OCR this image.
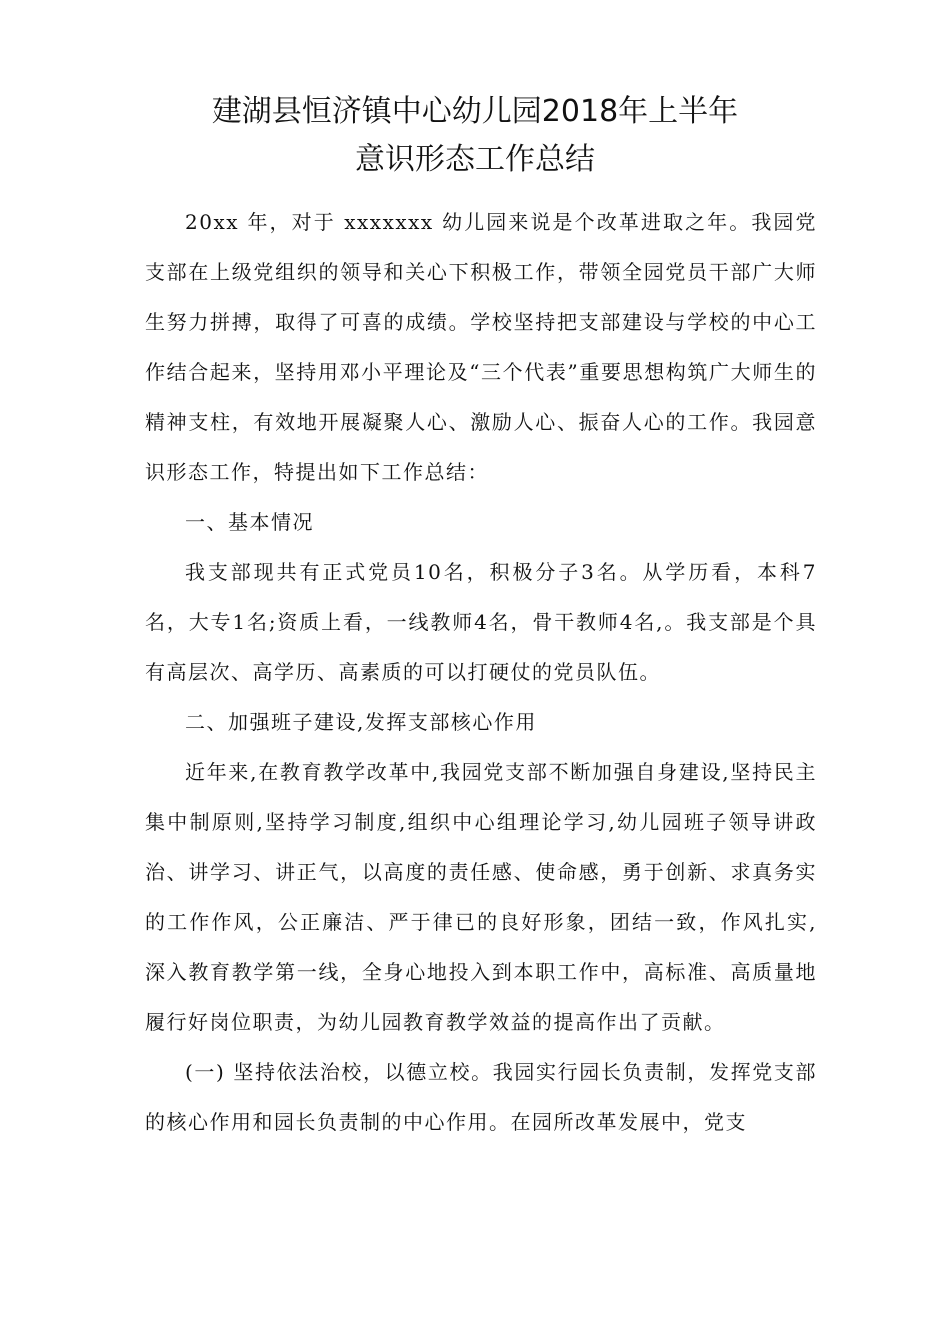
建湖县恒济镇中心幼儿园2018年上半年
意识形态工作总结

20xx 年，对于 xxxxxxx 幼儿园来说是个改革进取之年。我园党支部在上级党组织的领导和关心下积极工作，带领全园党员干部广大师生努力拼搏，取得了可喜的成绩。学校坚持把支部建设与学校的中心工作结合起来，坚持用邓小平理论及“三个代表”重要思想构筑广大师生的精神支柱，有效地开展凝聚人心、激励人心、振奋人心的工作。我园意识形态工作，特提出如下工作总结：

一、基本情况

我支部现共有正式党员10名，积极分子3名。从学历看，本科7名，大专1名;资质上看，一线教师4名，骨干教师4名,。我支部是个具有高层次、高学历、高素质的可以打硬仗的党员队伍。

二、加强班子建设,发挥支部核心作用

近年来,在教育教学改革中,我园党支部不断加强自身建设,坚持民主集中制原则,坚持学习制度,组织中心组理论学习,幼儿园班子领导讲政治、讲学习、讲正气，以高度的责任感、使命感，勇于创新、求真务实的工作作风，公正廉洁、严于律已的良好形象，团结一致，作风扎实,深入教育教学第一线，全身心地投入到本职工作中，高标准、高质量地履行好岗位职责，为幼儿园教育教学效益的提高作出了贡献。

(一) 坚持依法治校，以德立校。我园实行园长负责制，发挥党支部的核心作用和园长负责制的中心作用。在园所改革发展中，党支
